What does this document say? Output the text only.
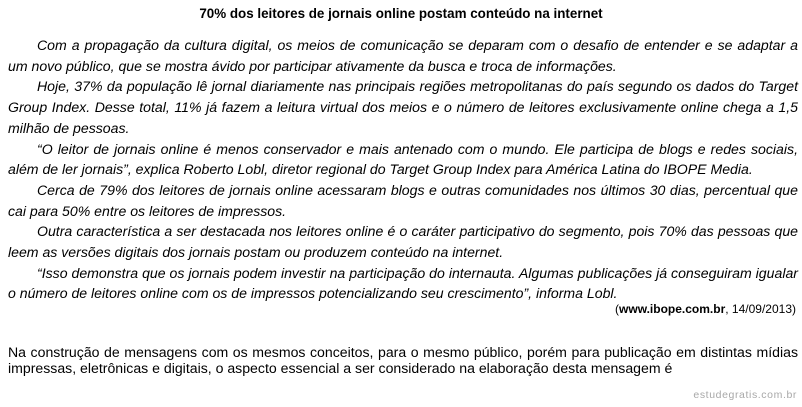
70% dos leitores de jornais online postam conteúdo na internet

Com a propagação da cultura digital, os meios de comunicação se deparam com o desafio de entender e se adaptar a um novo público, que se mostra ávido por participar ativamente da busca e troca de informações.

Hoje, 37% da população lê jornal diariamente nas principais regiões metropolitanas do país segundo os dados do Target Group Index. Desse total, 11% já fazem a leitura virtual dos meios e o número de leitores exclusivamente online chega a 1,5 milhão de pessoas.

“O leitor de jornais online é menos conservador e mais antenado com o mundo. Ele participa de blogs e redes sociais, além de ler jornais”, explica Roberto Lobl, diretor regional do Target Group Index para América Latina do IBOPE Media.

Cerca de 79% dos leitores de jornais online acessaram blogs e outras comunidades nos últimos 30 dias, percentual que cai para 50% entre os leitores de impressos.

Outra característica a ser destacada nos leitores online é o caráter participativo do segmento, pois 70% das pessoas que leem as versões digitais dos jornais postam ou produzem conteúdo na internet.

“Isso demonstra que os jornais podem investir na participação do internauta. Algumas publicações já conseguiram igualar o número de leitores online com os de impressos potencializando seu crescimento”, informa Lobl.

(www.ibope.com.br, 14/09/2013)
Na construção de mensagens com os mesmos conceitos, para o mesmo público, porém para publicação em distintas mídias impressas, eletrônicas e digitais, o aspecto essencial a ser considerado na elaboração desta mensagem é
estudegratis.com.br
